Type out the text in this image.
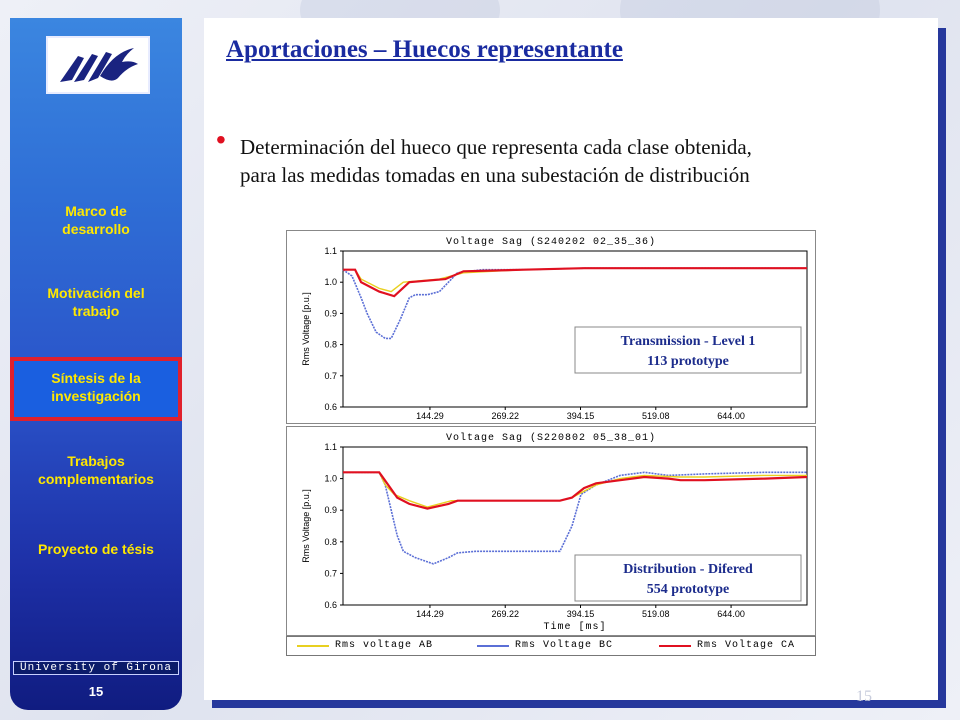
Marco de
desarrollo
Motivación del
trabajo
Síntesis de la
investigación
Trabajos
complementarios
Proyecto de tésis
University of Girona
15
Aportaciones – Huecos representante
• Determinación del hueco que representa cada clase obtenida,
para las medidas tomadas en una subestación de distribución
Voltage Sag (S240202 02_35_36)
1.1
1.0
0.9
0.8
0.7
0.6
144.29	269.22	394.15	519.08	644.00
Rms Voltage [p.u.]	Transmission - Level 1
113 prototype
Voltage Sag (S220802 05_38_01)
1.1
1.0
0.9
0.8
0.7
0.6
144.29	269.22	394.15	519.08	644.00
Rms Voltage [p.u.]
Time [ms]
Distribution - Difered
554 prototype
Rms voltage AB	Rms Voltage BC	Rms Voltage CA
15
